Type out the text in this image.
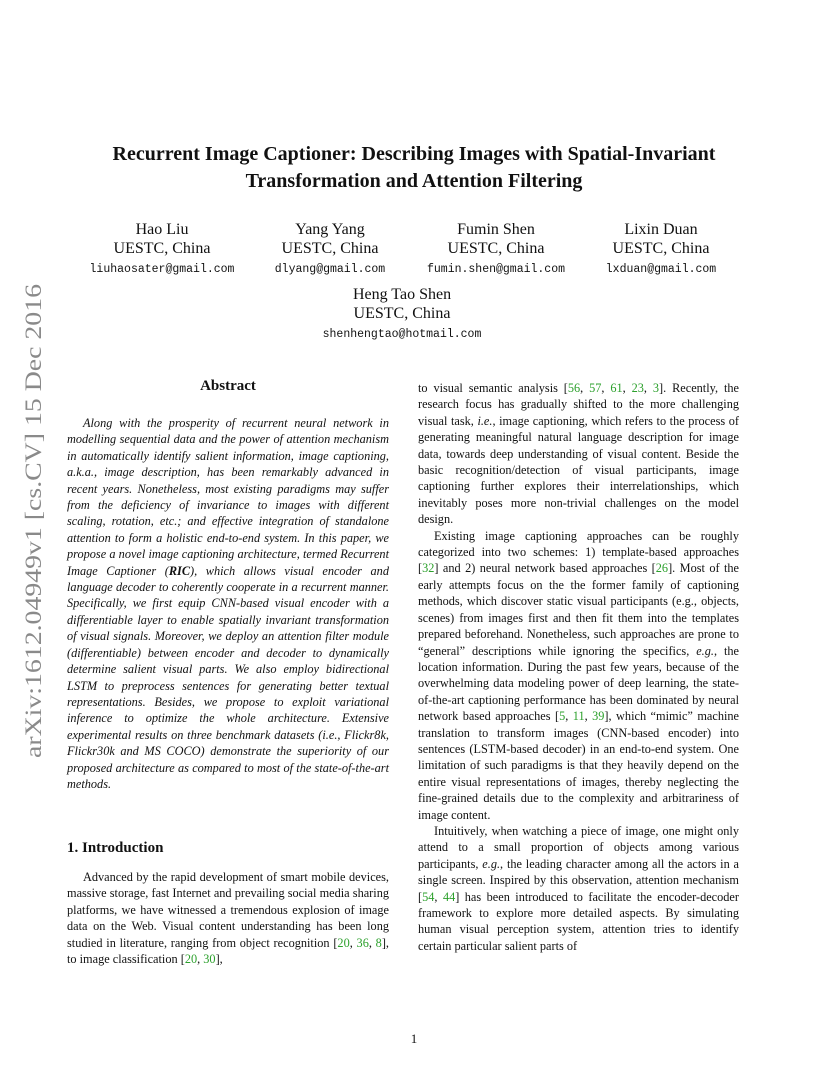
arXiv:1612.04949v1 [cs.CV] 15 Dec 2016
Recurrent Image Captioner: Describing Images with Spatial-Invariant
Transformation and Attention Filtering
Hao Liu
UESTC, China
liuhaosater@gmail.com
Yang Yang
UESTC, China
dlyang@gmail.com
Fumin Shen
UESTC, China
fumin.shen@gmail.com
Lixin Duan
UESTC, China
lxduan@gmail.com
Heng Tao Shen
UESTC, China
shenhengtao@hotmail.com
Abstract

Along with the prosperity of recurrent neural network in modelling sequential data and the power of attention mechanism in automatically identify salient information, image captioning, a.k.a., image description, has been remarkably advanced in recent years. Nonetheless, most existing paradigms may suffer from the deficiency of invariance to images with different scaling, rotation, etc.; and effective integration of standalone attention to form a holistic end-to-end system. In this paper, we propose a novel image captioning architecture, termed Recurrent Image Captioner (RIC), which allows visual encoder and language decoder to coherently cooperate in a recurrent manner. Specifically, we first equip CNN-based visual encoder with a differentiable layer to enable spatially invariant transformation of visual signals. Moreover, we deploy an attention filter module (differentiable) between encoder and decoder to dynamically determine salient visual parts. We also employ bidirectional LSTM to preprocess sentences for generating better textual representations. Besides, we propose to exploit variational inference to optimize the whole architecture. Extensive experimental results on three benchmark datasets (i.e., Flickr8k, Flickr30k and MS COCO) demonstrate the superiority of our proposed architecture as compared to most of the state-of-the-art methods.

1. Introduction

Advanced by the rapid development of smart mobile devices, massive storage, fast Internet and prevailing social media sharing platforms, we have witnessed a tremendous explosion of image data on the Web. Visual content understanding has been long studied in literature, ranging from object recognition [20, 36, 8], to image classification [20, 30],

to visual semantic analysis [56, 57, 61, 23, 3]. Recently, the research focus has gradually shifted to the more challenging visual task, i.e., image captioning, which refers to the process of generating meaningful natural language description for image data, towards deep understanding of visual content. Beside the basic recognition/detection of visual participants, image captioning further explores their interrelationships, which inevitably poses more non-trivial challenges on the model design.

Existing image captioning approaches can be roughly categorized into two schemes: 1) template-based approaches [32] and 2) neural network based approaches [26]. Most of the early attempts focus on the the former family of captioning methods, which discover static visual participants (e.g., objects, scenes) from images first and then fit them into the templates prepared beforehand. Nonetheless, such approaches are prone to “general” descriptions while ignoring the specifics, e.g., the location information. During the past few years, because of the overwhelming data modeling power of deep learning, the state-of-the-art captioning performance has been dominated by neural network based approaches [5, 11, 39], which “mimic” machine translation to transform images (CNN-based encoder) into sentences (LSTM-based decoder) in an end-to-end system. One limitation of such paradigms is that they heavily depend on the entire visual representations of images, thereby neglecting the fine-grained details due to the complexity and arbitrariness of image content.

Intuitively, when watching a piece of image, one might only attend to a small proportion of objects among various participants, e.g., the leading character among all the actors in a single screen. Inspired by this observation, attention mechanism [54, 44] has been introduced to facilitate the encoder-decoder framework to explore more detailed aspects. By simulating human visual perception system, attention tries to identify certain particular salient parts of

1
